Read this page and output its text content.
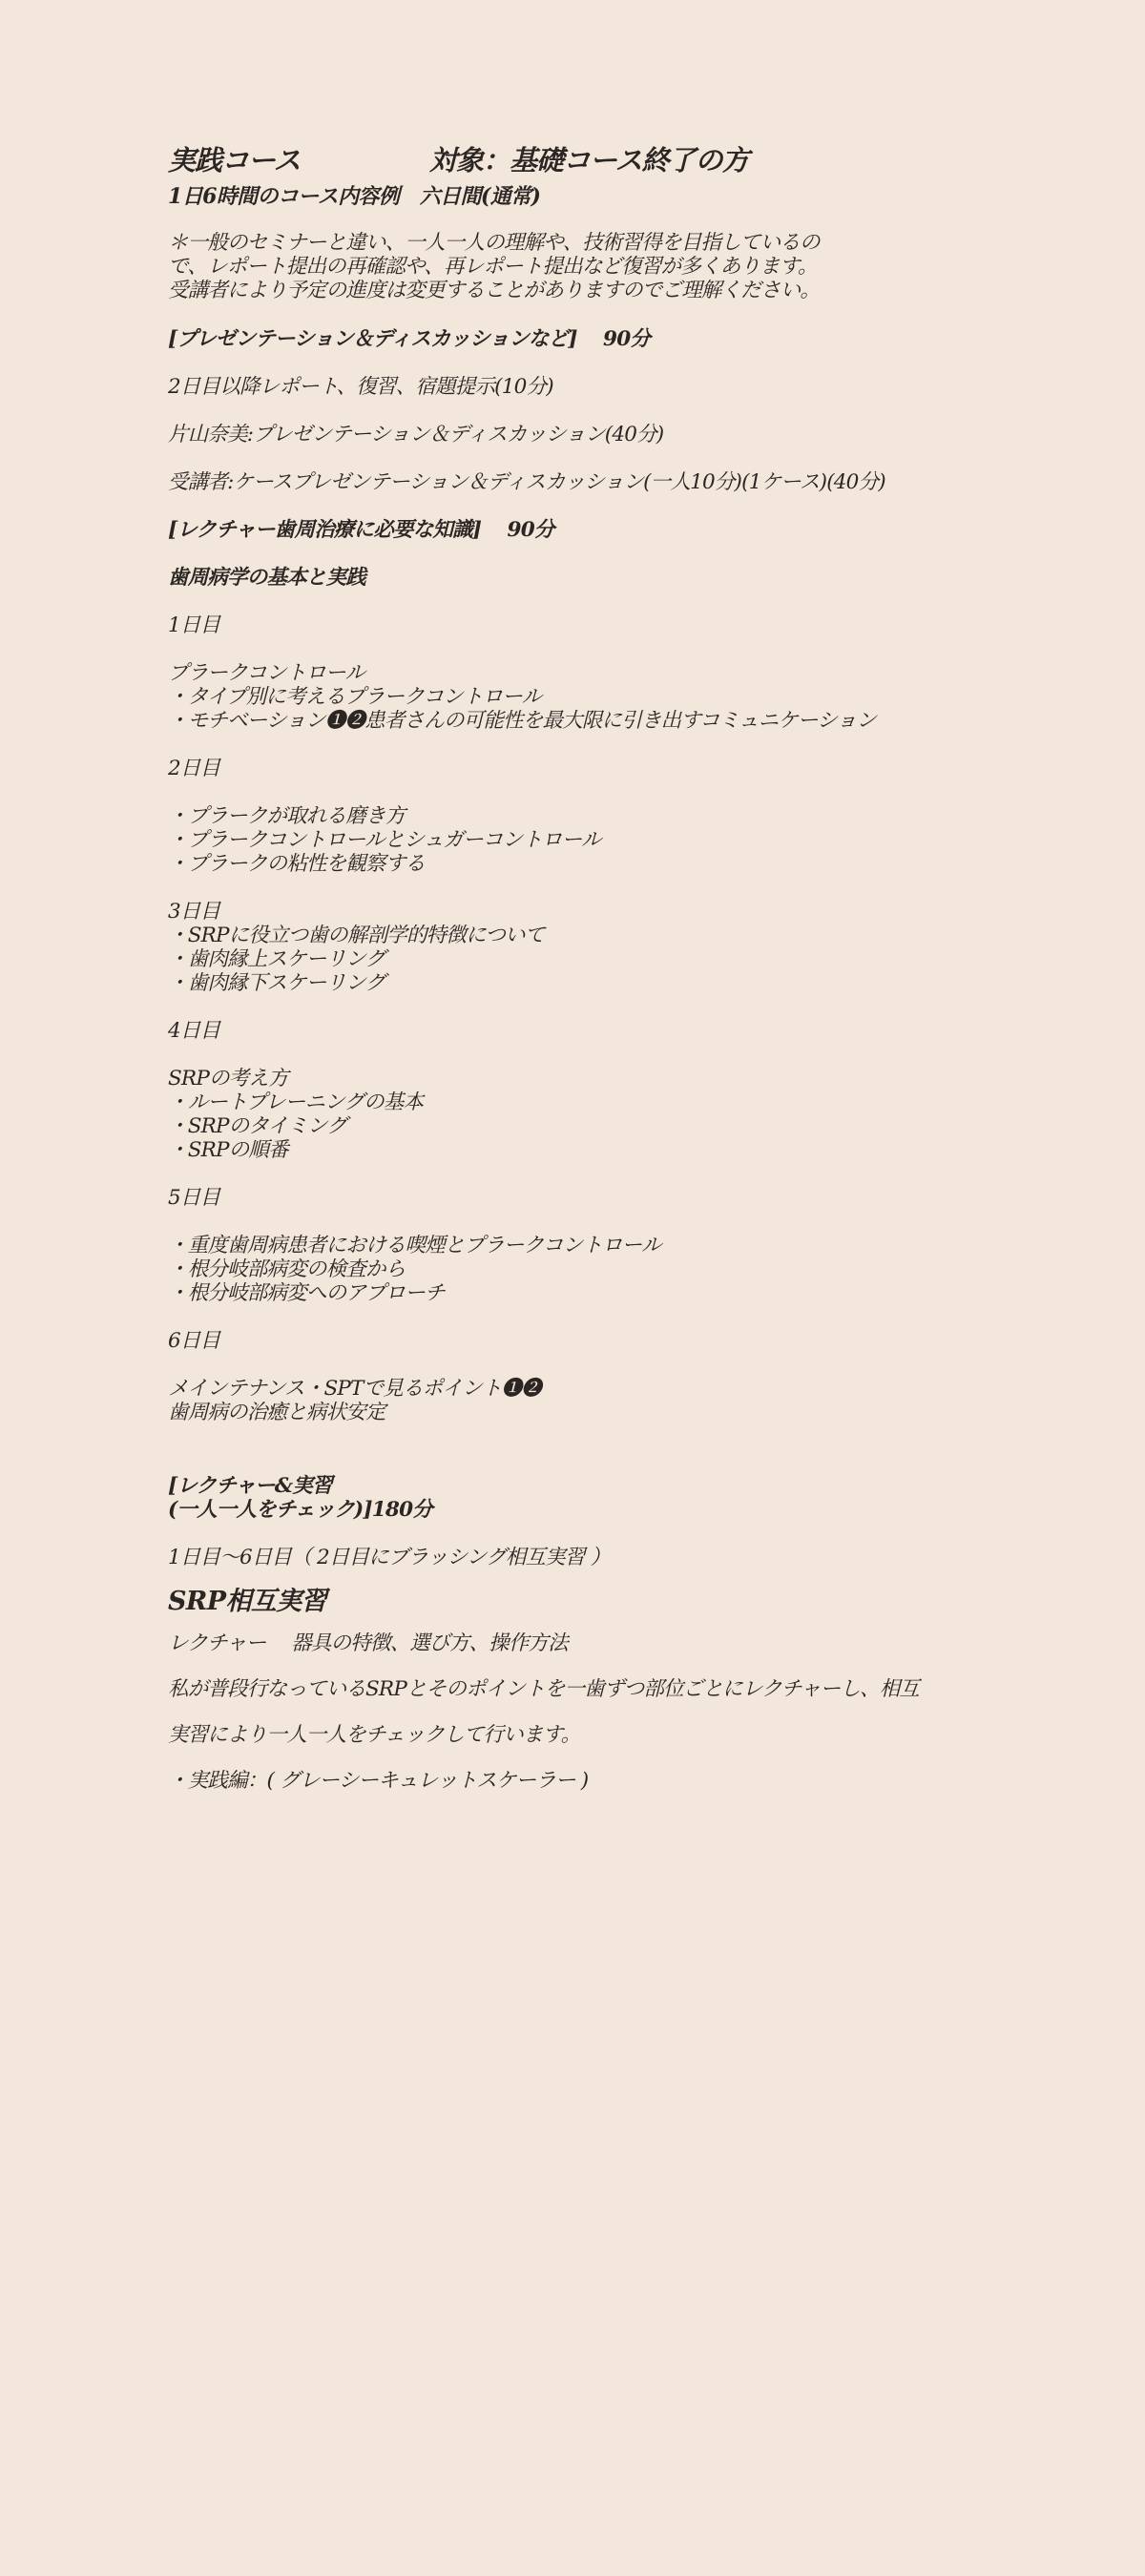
実践コース	対象：基礎コース終了の方
1日6時間のコース内容例　六日間(通常)
＊一般のセミナーと違い、一人一人の理解や、技術習得を目指しているの
で、レポート提出の再確認や、再レポート提出など復習が多くあります。
受講者により予定の進度は変更することがありますのでご理解ください。
[プレゼンテーション＆ディスカッションなど]　 90分
2日目以降レポート、復習、宿題提示(10分)
片山奈美:プレゼンテーション＆ディスカッション(40分)
受講者:ケースプレゼンテーション＆ディスカッション(一人10分)(1ケース)(40分)
[レクチャー歯周治療に必要な知識]　 90分
歯周病学の基本と実践
1日目
プラークコントロール
・タイプ別に考えるプラークコントロール
・モチベーション❶❷患者さんの可能性を最大限に引き出すコミュニケーション
2日目
・プラークが取れる磨き方
・プラークコントロールとシュガーコントロール
・プラークの粘性を観察する
3日目
・SRPに役立つ歯の解剖学的特徴について
・歯肉縁上スケーリング
・歯肉縁下スケーリング
4日目
SRPの考え方
・ルートプレーニングの基本
・SRPのタイミング
・SRPの順番
5日目
・重度歯周病患者における喫煙とプラークコントロール
・根分岐部病変の検査から
・根分岐部病変へのアプローチ
6日目
メインテナンス・SPTで見るポイント❶❷
歯周病の治癒と病状安定
[レクチャー&実習
(一人一人をチェック)]180分
1日目～6日目（ 2日目にブラッシング相互実習 ）
SRP相互実習
レクチャー　 器具の特徴、選び方、操作方法
私が普段行なっているSRPとそのポイントを一歯ずつ部位ごとにレクチャーし、相互
実習により一人一人をチェックして行います。
・実践編：( グレーシーキュレットスケーラー )
